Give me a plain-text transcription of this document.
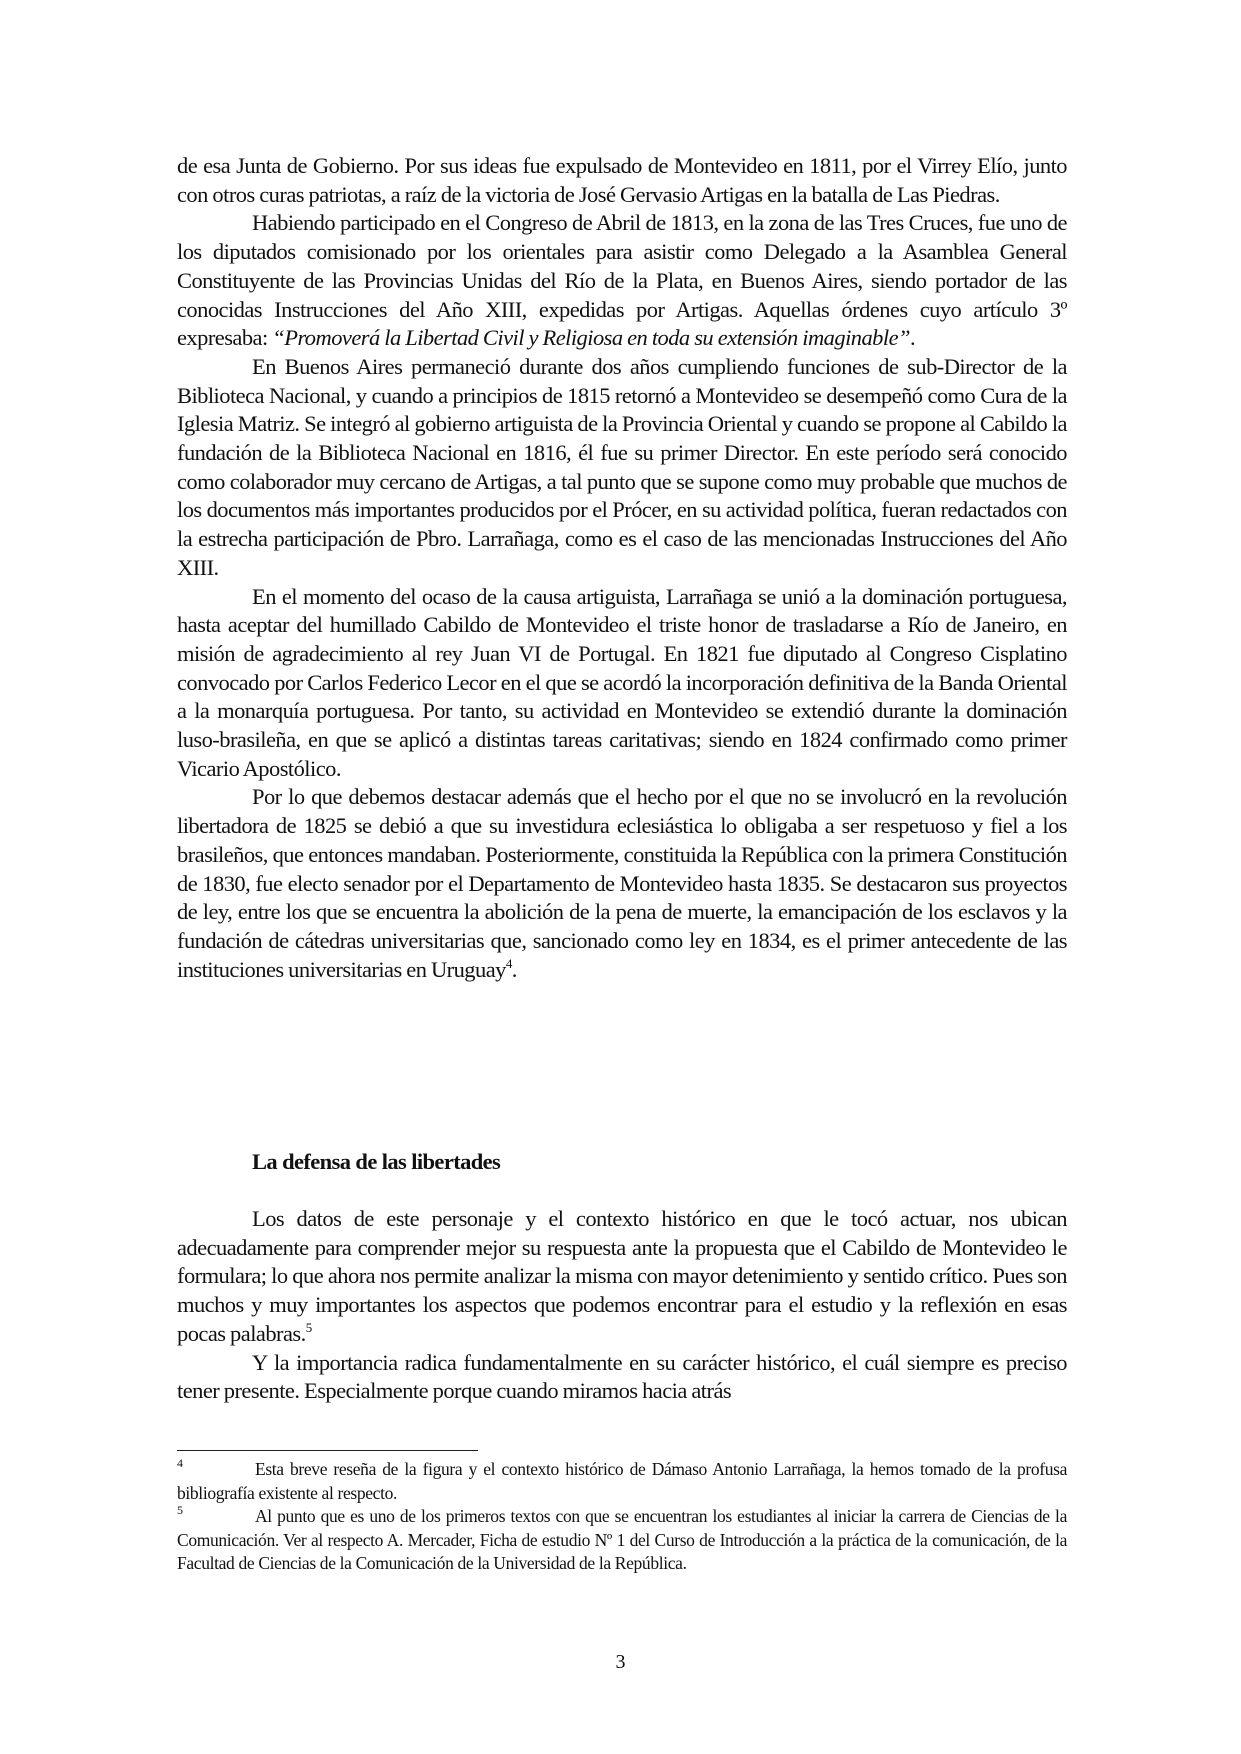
de esa Junta de Gobierno. Por sus ideas fue expulsado de Montevideo en 1811, por el Virrey Elío, junto con otros curas patriotas, a raíz de la victoria de José Gervasio Artigas en la batalla de Las Piedras.

Habiendo participado en el Congreso de Abril de 1813, en la zona de las Tres Cruces, fue uno de los diputados comisionado por los orientales para asistir como Delegado a la Asamblea General Constituyente de las Provincias Unidas del Río de la Plata, en Buenos Aires, siendo portador de las conocidas Instrucciones del Año XIII, expedidas por Artigas. Aquellas órdenes cuyo artículo 3º expresaba: “Promoverá la Libertad Civil y Religiosa en toda su extensión imaginable”.

En Buenos Aires permaneció durante dos años cumpliendo funciones de sub-Director de la Biblioteca Nacional, y cuando a principios de 1815 retornó a Montevideo se desempeñó como Cura de la Iglesia Matriz. Se integró al gobierno artiguista de la Provincia Oriental y cuando se propone al Cabildo la fundación de la Biblioteca Nacional en 1816, él fue su primer Director. En este período será conocido como colaborador muy cercano de Artigas, a tal punto que se supone como muy probable que muchos de los documentos más importantes producidos por el Prócer, en su actividad política, fueran redactados con la estrecha participación de Pbro. Larrañaga, como es el caso de las mencionadas Instrucciones del Año XIII.

En el momento del ocaso de la causa artiguista, Larrañaga se unió a la dominación portuguesa, hasta aceptar del humillado Cabildo de Montevideo el triste honor de trasladarse a Río de Janeiro, en misión de agradecimiento al rey Juan VI de Portugal. En 1821 fue diputado al Congreso Cisplatino convocado por Carlos Federico Lecor en el que se acordó la incorporación definitiva de la Banda Oriental a la monarquía portuguesa. Por tanto, su actividad en Montevideo se extendió durante la dominación luso-brasileña, en que se aplicó a distintas tareas caritativas; siendo en 1824 confirmado como primer Vicario Apostólico.

Por lo que debemos destacar además que el hecho por el que no se involucró en la revolución libertadora de 1825 se debió a que su investidura eclesiástica lo obligaba a ser respetuoso y fiel a los brasileños, que entonces mandaban. Posteriormente, constituida la República con la primera Constitución de 1830, fue electo senador por el Departamento de Montevideo hasta 1835. Se destacaron sus proyectos de ley, entre los que se encuentra la abolición de la pena de muerte, la emancipación de los esclavos y la fundación de cátedras universitarias que, sancionado como ley en 1834, es el primer antecedente de las instituciones universitarias en Uruguay$^4$.

La defensa de las libertades

Los datos de este personaje y el contexto histórico en que le tocó actuar, nos ubican adecuadamente para comprender mejor su respuesta ante la propuesta que el Cabildo de Montevideo le formulara; lo que ahora nos permite analizar la misma con mayor detenimiento y sentido crítico. Pues son muchos y muy importantes los aspectos que podemos encontrar para el estudio y la reflexión en esas pocas palabras.$^5$

Y la importancia radica fundamentalmente en su carácter histórico, el cuál siempre es preciso tener presente. Especialmente porque cuando miramos hacia atrás

4	Esta breve reseña de la figura y el contexto histórico de Dámaso Antonio Larrañaga, la hemos tomado de la profusa bibliografía existente al respecto.

5	Al punto que es uno de los primeros textos con que se encuentran los estudiantes al iniciar la carrera de Ciencias de la Comunicación. Ver al respecto A. Mercader, Ficha de estudio Nº 1 del Curso de Introducción a la práctica de la comunicación, de la Facultad de Ciencias de la Comunicación de la Universidad de la República.

3
